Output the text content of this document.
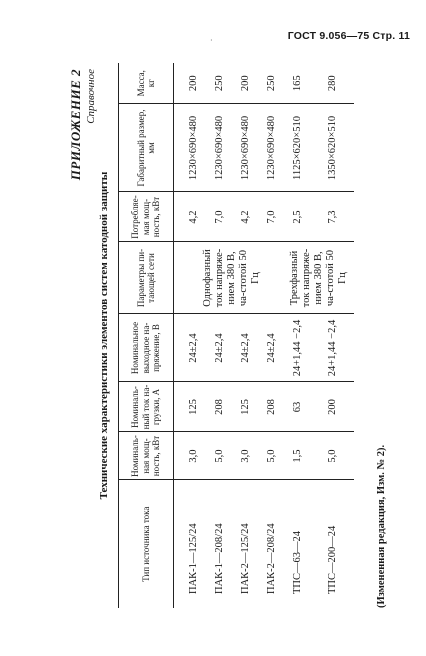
ГОСТ 9.056—75 Стр. 11
·
ПРИЛОЖЕНИЕ 2 Справочное
Технические характеристики элементов систем катодной защиты
Тип источника тока	Номиналь-ная мощ-ность, кВт	Номиналь-ный ток на-грузки, А	Номинальное выходное на-пряжение, В	Параметры пи-тающей сети	Потребляе-мая мощ-ность, кВт	Габаритный размер, мм	Масса, кг
ПАК-1—125/24	3,0	125	24±2,4	Однофазный ток напряже-нием 380 В, ча-стотой 50 Гц	4,2	1230×690×480	200
ПАК-1—208/24	5,0	208	24±2,4		7,0	1230×690×480	250
ПАК-2—125/24	3,0	125	24±2,4		4,2	1230×690×480	200
ПАК-2—208/24	5,0	208	24±2,4		7,0	1230×690×480	250
ТПС—63—24	1,5	63	24+1,44 −2,4	Трехфазный ток напряже-нием 380 В, ча-стотой 50 Гц	2,5	1125×620×510	165
ТПС—200—24	5,0	200	24+1,44 −2,4		7,3	1350×620×510	280
(Измененная редакция, Изм. № 2).
